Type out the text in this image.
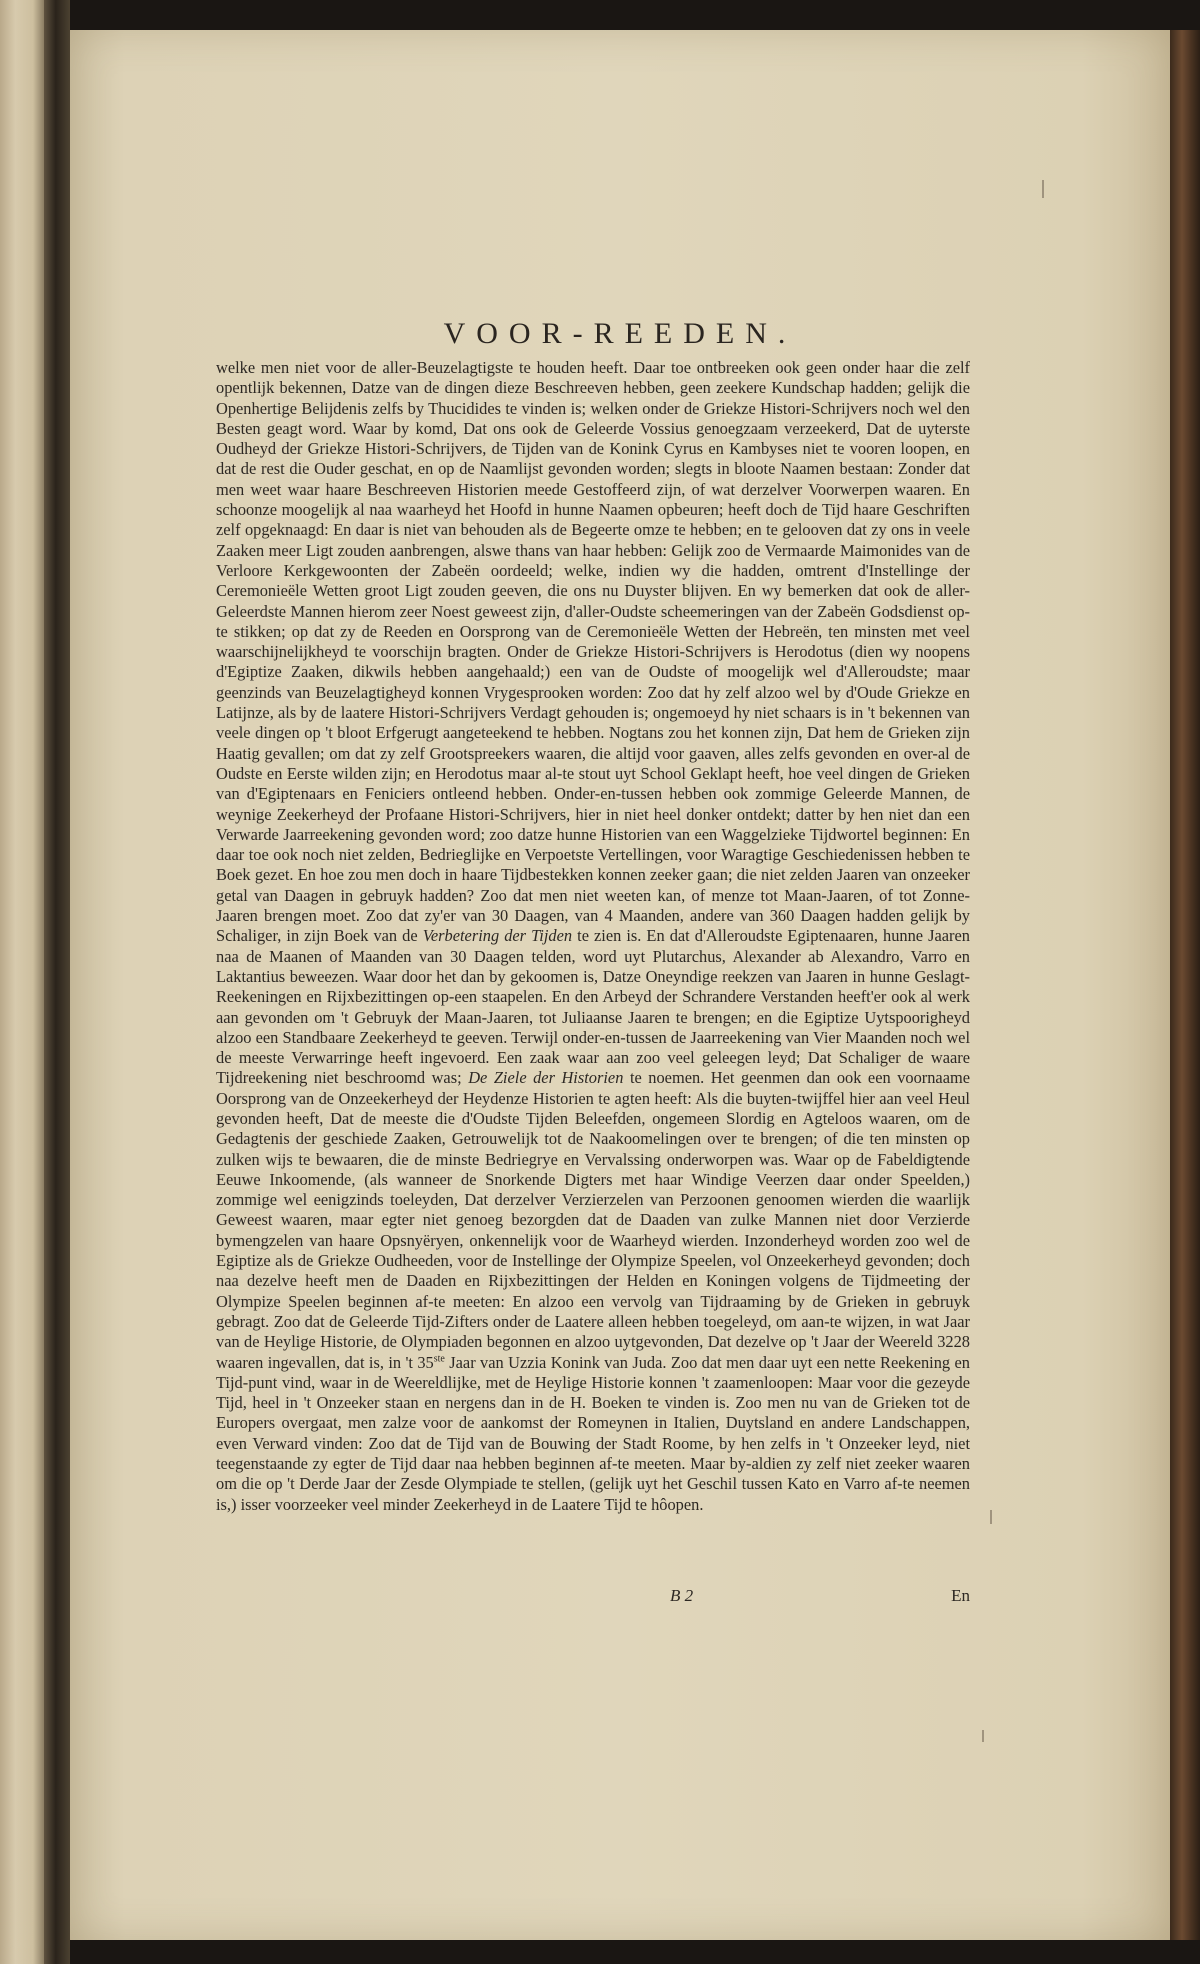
VOOR-REEDEN.

welke men niet voor de aller-Beuzelagtigste te houden heeft. Daar toe ontbreeken ook geen onder haar die zelf opentlijk bekennen, Datze van de dingen dieze Beschreeven hebben, geen zeekere Kundschap hadden; gelijk die Openhertige Belijdenis zelfs by Thucidides te vinden is; welken onder de Griekze Histori-Schrijvers noch wel den Besten geagt word. Waar by komd, Dat ons ook de Geleerde Vossius genoegzaam verzeekerd, Dat de uyterste Oudheyd der Griekze Histori-Schrijvers, de Tijden van de Konink Cyrus en Kambyses niet te vooren loopen, en dat de rest die Ouder geschat, en op de Naamlijst gevonden worden; slegts in bloote Naamen bestaan: Zonder dat men weet waar haare Beschreeven Historien meede Gestoffeerd zijn, of wat derzelver Voorwerpen waaren. En schoonze moogelijk al naa waarheyd het Hoofd in hunne Naamen opbeuren; heeft doch de Tijd haare Geschriften zelf opgeknaagd: En daar is niet van behouden als de Begeerte omze te hebben; en te gelooven dat zy ons in veele Zaaken meer Ligt zouden aanbrengen, alswe thans van haar hebben: Gelijk zoo de Vermaarde Maimonides van de Verloore Kerkgewoonten der Zabeën oordeeld; welke, indien wy die hadden, omtrent d'Instellinge der Ceremonieële Wetten groot Ligt zouden geeven, die ons nu Duyster blijven. En wy bemerken dat ook de aller-Geleerdste Mannen hierom zeer Noest geweest zijn, d'aller-Oudste scheemeringen van der Zabeën Godsdienst op-te stikken; op dat zy de Reeden en Oorsprong van de Ceremonieële Wetten der Hebreën, ten minsten met veel waarschijnelijkheyd te voorschijn bragten. Onder de Griekze Histori-Schrijvers is Herodotus (dien wy noopens d'Egiptize Zaaken, dikwils hebben aangehaald;) een van de Oudste of moogelijk wel d'Alleroudste; maar geenzinds van Beuzelagtigheyd konnen Vrygesprooken worden: Zoo dat hy zelf alzoo wel by d'Oude Griekze en Latijnze, als by de laatere Histori-Schrijvers Verdagt gehouden is; ongemoeyd hy niet schaars is in 't bekennen van veele dingen op 't bloot Erfgerugt aangeteekend te hebben. Nogtans zou het konnen zijn, Dat hem de Grieken zijn Haatig gevallen; om dat zy zelf Grootspreekers waaren, die altijd voor gaaven, alles zelfs gevonden en over-al de Oudste en Eerste wilden zijn; en Herodotus maar al-te stout uyt School Geklapt heeft, hoe veel dingen de Grieken van d'Egiptenaars en Feniciers ontleend hebben. Onder-en-tussen hebben ook zommige Geleerde Mannen, de weynige Zeekerheyd der Profaane Histori-Schrijvers, hier in niet heel donker ontdekt; datter by hen niet dan een Verwarde Jaarreekening gevonden word; zoo datze hunne Historien van een Waggelzieke Tijdwortel beginnen: En daar toe ook noch niet zelden, Bedrieglijke en Verpoetste Vertellingen, voor Waragtige Geschiedenissen hebben te Boek gezet. En hoe zou men doch in haare Tijdbestekken konnen zeeker gaan; die niet zelden Jaaren van onzeeker getal van Daagen in gebruyk hadden? Zoo dat men niet weeten kan, of menze tot Maan-Jaaren, of tot Zonne-Jaaren brengen moet. Zoo dat zy'er van 30 Daagen, van 4 Maanden, andere van 360 Daagen hadden gelijk by Schaliger, in zijn Boek van de Verbetering der Tijden te zien is. En dat d'Alleroudste Egiptenaaren, hunne Jaaren naa de Maanen of Maanden van 30 Daagen telden, word uyt Plutarchus, Alexander ab Alexandro, Varro en Laktantius beweezen. Waar door het dan by gekoomen is, Datze Oneyndige reekzen van Jaaren in hunne Geslagt-Reekeningen en Rijxbezittingen op-een staapelen. En den Arbeyd der Schrandere Verstanden heeft'er ook al werk aan gevonden om 't Gebruyk der Maan-Jaaren, tot Juliaanse Jaaren te brengen; en die Egiptize Uytspoorigheyd alzoo een Standbaare Zeekerheyd te geeven. Terwijl onder-en-tussen de Jaarreekening van Vier Maanden noch wel de meeste Verwarringe heeft ingevoerd. Een zaak waar aan zoo veel geleegen leyd; Dat Schaliger de waare Tijdreekening niet beschroomd was; De Ziele der Historien te noemen. Het geenmen dan ook een voornaame Oorsprong van de Onzeekerheyd der Heydenze Historien te agten heeft: Als die buyten-twijffel hier aan veel Heul gevonden heeft, Dat de meeste die d'Oudste Tijden Beleefden, ongemeen Slordig en Agteloos waaren, om de Gedagtenis der geschiede Zaaken, Getrouwelijk tot de Naakoomelingen over te brengen; of die ten minsten op zulken wijs te bewaaren, die de minste Bedriegrye en Vervalssing onderworpen was. Waar op de Fabeldigtende Eeuwe Inkoomende, (als wanneer de Snorkende Digters met haar Windige Veerzen daar onder Speelden,) zommige wel eenigzinds toeleyden, Dat derzelver Verzierzelen van Perzoonen genoomen wierden die waarlijk Geweest waaren, maar egter niet genoeg bezorgden dat de Daaden van zulke Mannen niet door Verzierde bymengzelen van haare Opsnyëryen, onkennelijk voor de Waarheyd wierden. Inzonderheyd worden zoo wel de Egiptize als de Griekze Oudheeden, voor de Instellinge der Olympize Speelen, vol Onzeekerheyd gevonden; doch naa dezelve heeft men de Daaden en Rijxbezittingen der Helden en Koningen volgens de Tijdmeeting der Olympize Speelen beginnen af-te meeten: En alzoo een vervolg van Tijdraaming by de Grieken in gebruyk gebragt. Zoo dat de Geleerde Tijd-Zifters onder de Laatere alleen hebben toegeleyd, om aan-te wijzen, in wat Jaar van de Heylige Historie, de Olympiaden begonnen en alzoo uytgevonden, Dat dezelve op 't Jaar der Weereld 3228 waaren ingevallen, dat is, in 't 35ste Jaar van Uzzia Konink van Juda. Zoo dat men daar uyt een nette Reekening en Tijd-punt vind, waar in de Weereldlijke, met de Heylige Historie konnen 't zaamenloopen: Maar voor die gezeyde Tijd, heel in 't Onzeeker staan en nergens dan in de H. Boeken te vinden is. Zoo men nu van de Grieken tot de Europers overgaat, men zalze voor de aankomst der Romeynen in Italien, Duytsland en andere Landschappen, even Verward vinden: Zoo dat de Tijd van de Bouwing der Stadt Roome, by hen zelfs in 't Onzeeker leyd, niet teegenstaande zy egter de Tijd daar naa hebben beginnen af-te meeten. Maar by-aldien zy zelf niet zeeker waaren om die op 't Derde Jaar der Zesde Olympiade te stellen, (gelijk uyt het Geschil tussen Kato en Varro af-te neemen is,) isser voorzeeker veel minder Zeekerheyd in de Laatere Tijd te hôopen.

B 2	En
